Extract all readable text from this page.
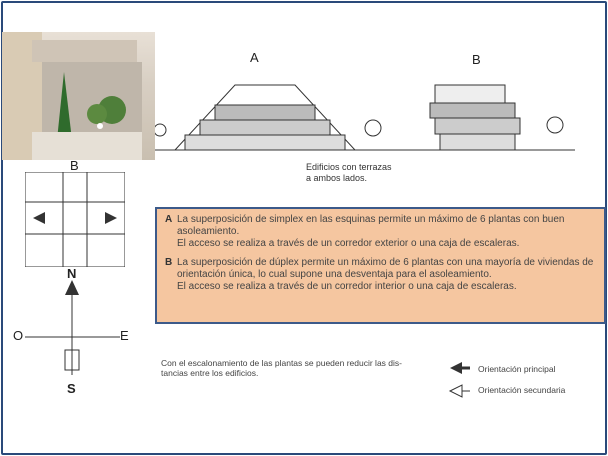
A	B
Edificios con terrazas
a ambos lados.
B
N
S
E
O

A La superposición de simplex en las esquinas permite un máximo de 6 plantas con buen asoleamiento.
El acceso se realiza a través de un corredor exterior o una caja de escaleras.

B La superposición de dúplex permite un máximo de 6 plantas con una mayoría de viviendas de orientación única, lo cual supone una desventaja para el asoleamiento.
El acceso se realiza a través de un corredor interior o una caja de escaleras.

Con el escalonamiento de las plantas se pueden reducir las dis-
tancias entre los edificios.	Orientación principal
Orientación secundaria
